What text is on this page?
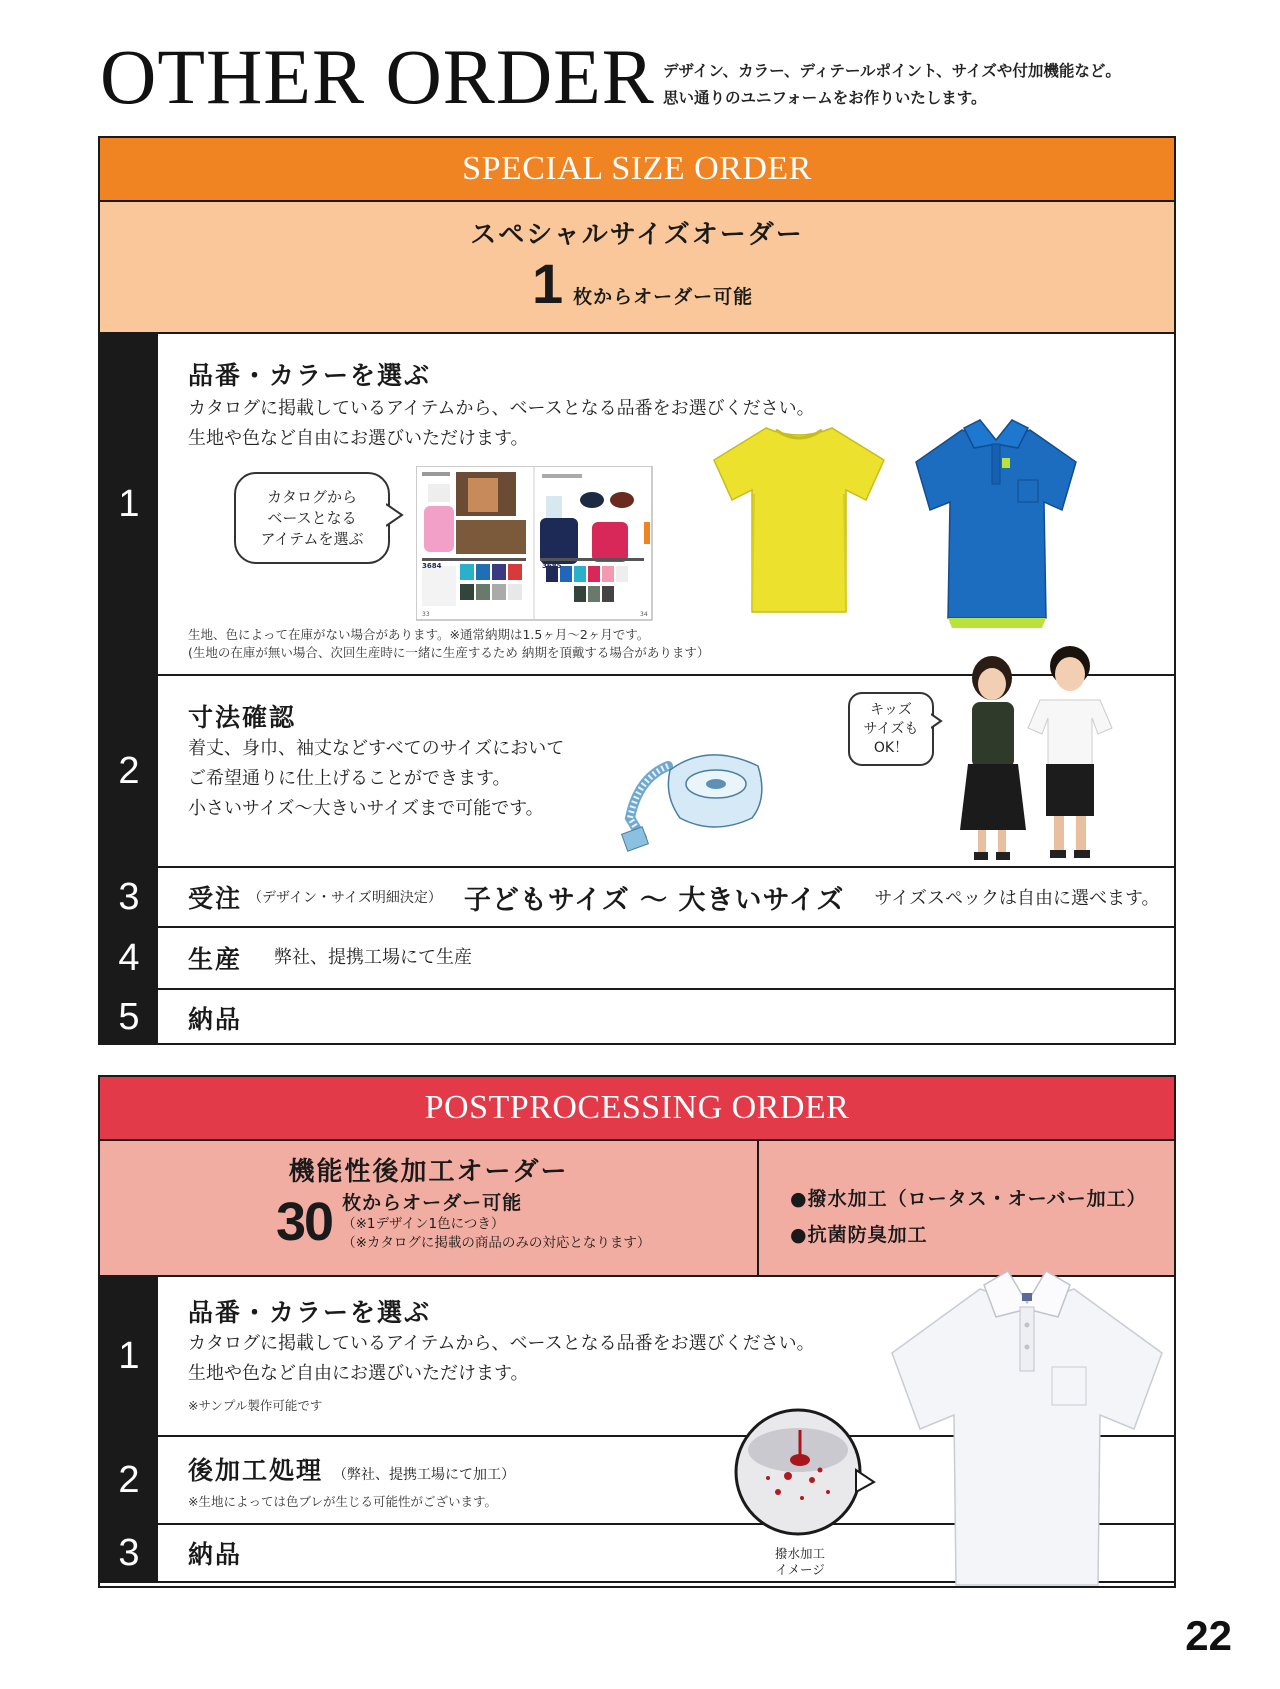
OTHER ORDER デザイン、カラー、ディテールポイント、サイズや付加機能など。
思い通りのユニフォームをお作りいたします。
SPECIAL SIZE ORDER
スペシャルサイズオーダー
1 枚からオーダー可能
1
品番・カラーを選ぶ
カタログに掲載しているアイテムから、ベースとなる品番をお選びください。
生地や色など自由にお選びいただけます。
カタログから
ベースとなる
アイテムを選ぶ
3684	3685
33	34
生地、色によって在庫がない場合があります。※通常納期は1.5ヶ月〜2ヶ月です。
(生地の在庫が無い場合、次回生産時に一緒に生産するため 納期を頂戴する場合があります）
2
寸法確認
着丈、身巾、袖丈などすべてのサイズにおいて
ご希望通りに仕上げることができます。
小さいサイズ〜大きいサイズまで可能です。
キッズ
サイズも
OK！
3	受注 （デザイン・サイズ明細決定） 子どもサイズ 〜 大きいサイズ サイズスペックは自由に選べます。
4	生産 弊社、提携工場にて生産
5	納品
POSTPROCESSING ORDER
機能性後加工オーダー
30 枚からオーダー可能
（※1デザイン1色につき）
（※カタログに掲載の商品のみの対応となります）
●撥水加工（ロータス・オーバー加工）
●抗菌防臭加工
1
品番・カラーを選ぶ
カタログに掲載しているアイテムから、ベースとなる品番をお選びください。
生地や色など自由にお選びいただけます。
※サンプル製作可能です
2	後加工処理 （弊社、提携工場にて加工）
※生地によっては色ブレが生じる可能性がございます。
3	納品	撥水加工
イメージ
22
